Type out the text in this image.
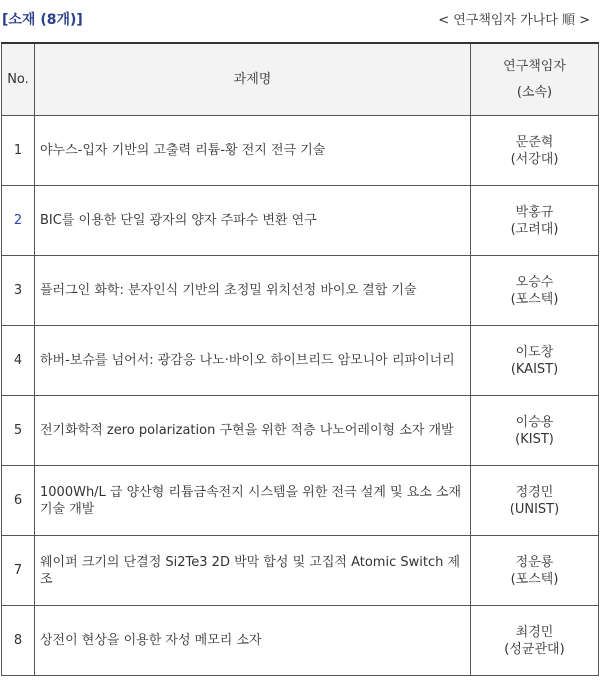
[소재 (8개)]	< 연구책임자 가나다 順 >
No.	과제명	연구책임자
(소속)

1	야누스-입자 기반의 고출력 리튬-황 전지 전극 기술	문준혁
(서강대)

2	BIC를 이용한 단일 광자의 양자 주파수 변환 연구	박홍규
(고려대)

3	플러그인 화학: 분자인식 기반의 초정밀 위치선정 바이오 결합 기술	오승수
(포스텍)

4	하버-보슈를 넘어서: 광감응 나노·바이오 하이브리드 암모니아 리파이너리	이도창
(KAIST)

5	전기화학적 zero polarization 구현을 위한 적층 나노어레이형 소자 개발	이승용
(KIST)

6	1000Wh/L 급 양산형 리튬금속전지 시스템을 위한 전극 설계 및 요소 소재 기술 개발	정경민
(UNIST)

7	웨이퍼 크기의 단결정 Si2Te3 2D 박막 합성 및 고집적 Atomic Switch 제조	정운룡
(포스텍)

8	상전이 현상을 이용한 자성 메모리 소자	최경민
(성균관대)
